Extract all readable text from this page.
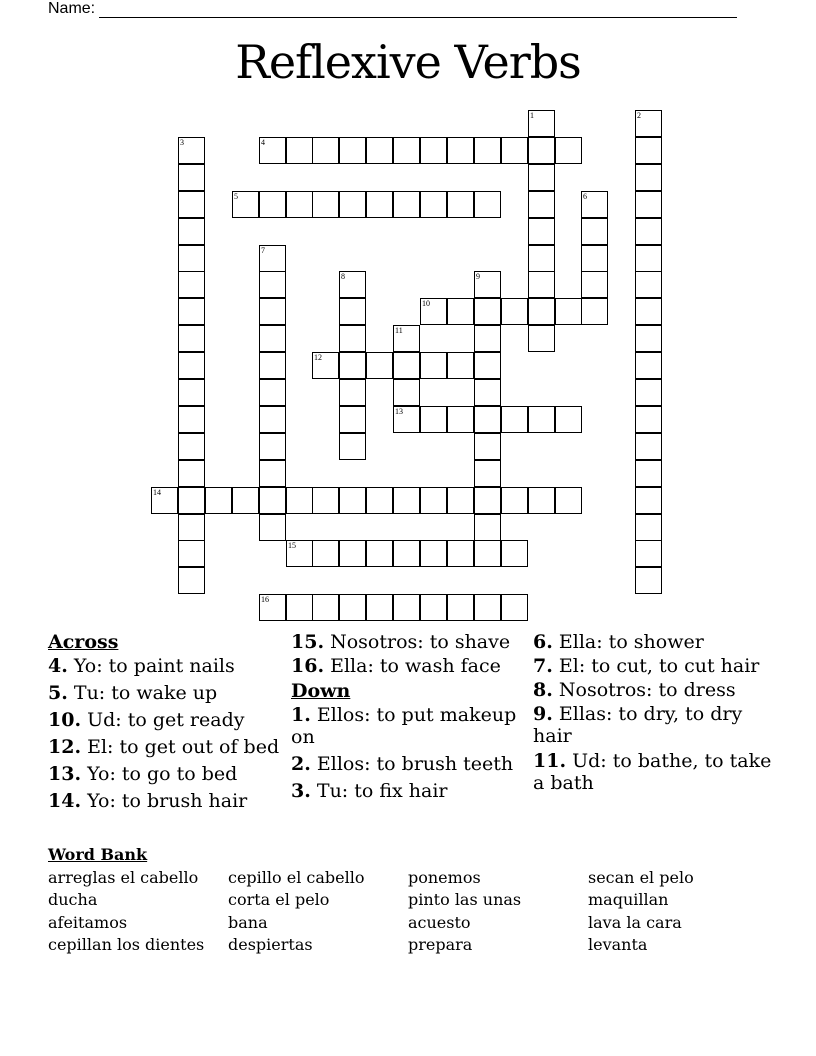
Name:
Reflexive Verbs
1	2
3	4
5	6
7
8	9
10
11
13
12
14
15
16
Across
4. Yo: to paint nails
5. Tu: to wake up
10. Ud: to get ready
12. El: to get out of bed
13. Yo: to go to bed
14. Yo: to brush hair
15. Nosotros: to shave
16. Ella: to wash face
Down
1. Ellos: to put makeup on
2. Ellos: to brush teeth
3. Tu: to fix hair
6. Ella: to shower
7. El: to cut, to cut hair
8. Nosotros: to dress
9. Ellas: to dry, to dry hair
11. Ud: to bathe, to take a bath
Word Bank
arreglas el cabello	cepillo el cabello	ponemos	secan el pelo
ducha	corta el pelo	pinto las unas	maquillan
afeitamos	bana	acuesto	lava la cara
cepillan los dientes	despiertas	prepara	levanta
